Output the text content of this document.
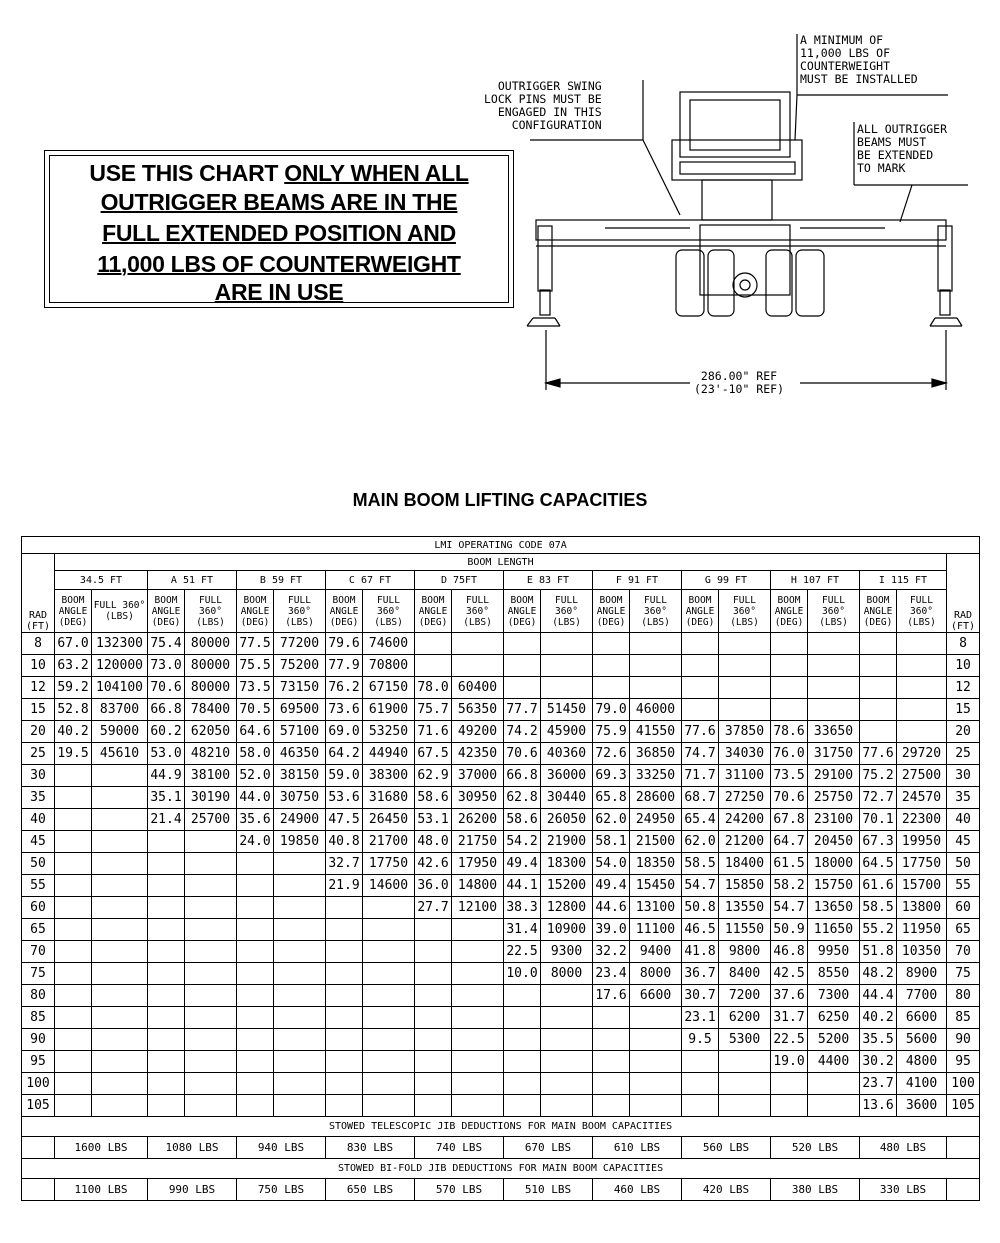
USE THIS CHART ONLY WHEN ALL
OUTRIGGER BEAMS ARE IN THE
FULL EXTENDED POSITION AND
11,000 LBS OF COUNTERWEIGHT
ARE IN USE
OUTRIGGER SWING
LOCK PINS MUST BE
ENGAGED IN THIS
CONFIGURATION
A MINIMUM OF
11,000 LBS OF
COUNTERWEIGHT
MUST BE INSTALLED
ALL OUTRIGGER
BEAMS MUST
BE EXTENDED
TO MARK
286.00" REF
(23'-10" REF)
MAIN BOOM LIFTING CAPACITIES
LMI OPERATING CODE 07A																					
RAD
(FT)	BOOM LENGTH																				RAD
(FT)
	34.5 FT		A 51 FT		B 59 FT		C 67 FT		D 75FT		E 83 FT		F 91 FT		G 99 FT		H 107 FT		I 115 FT		
	BOOM ANGLE (DEG)	FULL 360° (LBS)	BOOM ANGLE (DEG)	FULL 360° (LBS)	BOOM ANGLE (DEG)	FULL 360° (LBS)	BOOM ANGLE (DEG)	FULL 360° (LBS)	BOOM ANGLE (DEG)	FULL 360° (LBS)	BOOM ANGLE (DEG)	FULL 360° (LBS)	BOOM ANGLE (DEG)	FULL 360° (LBS)	BOOM ANGLE (DEG)	FULL 360° (LBS)	BOOM ANGLE (DEG)	FULL 360° (LBS)	BOOM ANGLE (DEG)	FULL 360° (LBS)	
8	67.0	132300	75.4	80000	77.5	77200	79.6	74600													8
10	63.2	120000	73.0	80000	75.5	75200	77.9	70800													10
12	59.2	104100	70.6	80000	73.5	73150	76.2	67150	78.0	60400											12
15	52.8	83700	66.8	78400	70.5	69500	73.6	61900	75.7	56350	77.7	51450	79.0	46000							15
20	40.2	59000	60.2	62050	64.6	57100	69.0	53250	71.6	49200	74.2	45900	75.9	41550	77.6	37850	78.6	33650			20
25	19.5	45610	53.0	48210	58.0	46350	64.2	44940	67.5	42350	70.6	40360	72.6	36850	74.7	34030	76.0	31750	77.6	29720	25
30			44.9	38100	52.0	38150	59.0	38300	62.9	37000	66.8	36000	69.3	33250	71.7	31100	73.5	29100	75.2	27500	30
35			35.1	30190	44.0	30750	53.6	31680	58.6	30950	62.8	30440	65.8	28600	68.7	27250	70.6	25750	72.7	24570	35
40			21.4	25700	35.6	24900	47.5	26450	53.1	26200	58.6	26050	62.0	24950	65.4	24200	67.8	23100	70.1	22300	40
45					24.0	19850	40.8	21700	48.0	21750	54.2	21900	58.1	21500	62.0	21200	64.7	20450	67.3	19950	45
50							32.7	17750	42.6	17950	49.4	18300	54.0	18350	58.5	18400	61.5	18000	64.5	17750	50
55							21.9	14600	36.0	14800	44.1	15200	49.4	15450	54.7	15850	58.2	15750	61.6	15700	55
60									27.7	12100	38.3	12800	44.6	13100	50.8	13550	54.7	13650	58.5	13800	60
65											31.4	10900	39.0	11100	46.5	11550	50.9	11650	55.2	11950	65
70											22.5	9300	32.2	9400	41.8	9800	46.8	9950	51.8	10350	70
75											10.0	8000	23.4	8000	36.7	8400	42.5	8550	48.2	8900	75
80													17.6	6600	30.7	7200	37.6	7300	44.4	7700	80
85															23.1	6200	31.7	6250	40.2	6600	85
90															9.5	5300	22.5	5200	35.5	5600	90
95																	19.0	4400	30.2	4800	95
100																			23.7	4100	100
105																			13.6	3600	105
STOWED TELESCOPIC JIB DEDUCTIONS FOR MAIN BOOM CAPACITIES																					
	1600 LBS		1080 LBS		940 LBS		830 LBS		740 LBS		670 LBS		610 LBS		560 LBS		520 LBS		480 LBS		
STOWED BI-FOLD JIB DEDUCTIONS FOR MAIN BOOM CAPACITIES																					
	1100 LBS		990 LBS		750 LBS		650 LBS		570 LBS		510 LBS		460 LBS		420 LBS		380 LBS		330 LBS		
